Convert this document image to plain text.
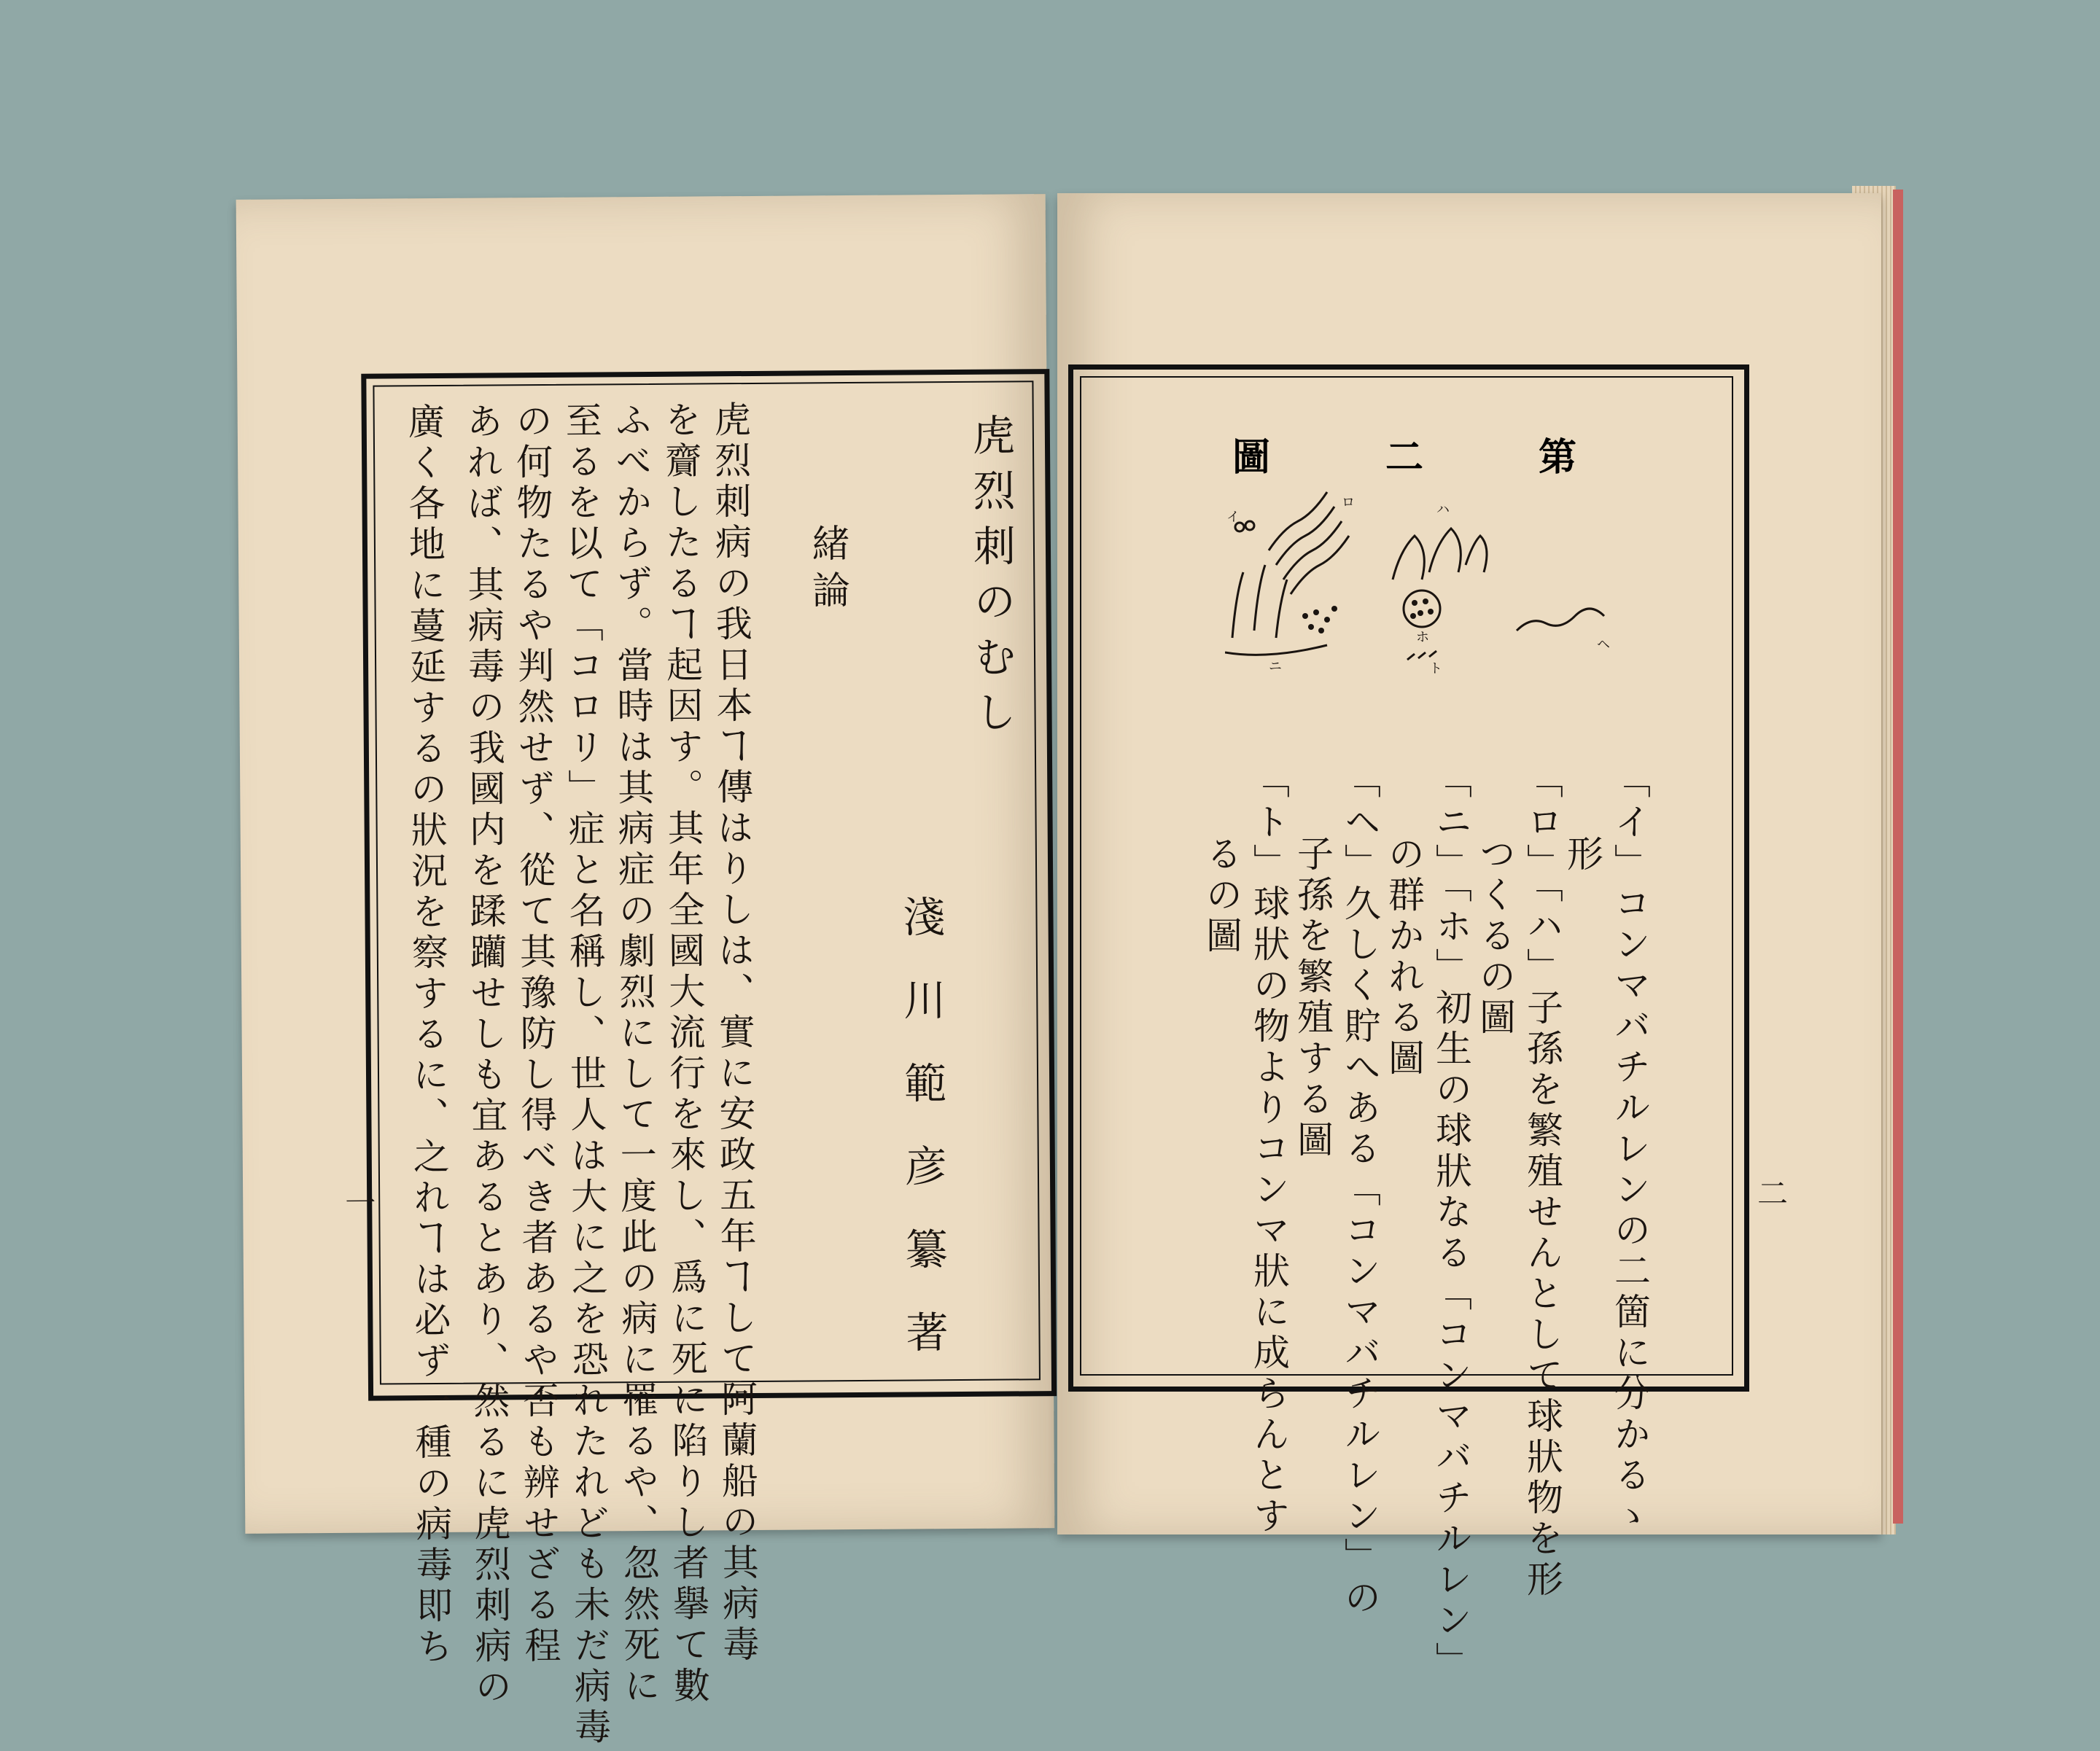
虎烈刺のむし
淺川範彦纂著
緒論
虎烈刺病の我日本ヿ傳はりしは、實に安政五年ヿして阿蘭船の其病毒
を齎したるヿ起因す。其年全國大流行を來し、爲に死に陷りし者擧て數
ふべからず。當時は其病症の劇烈にして一度此の病に罹るや、忽然死に
至るを以て「コロリ」症と名稱し、世人は大に之を恐れたれども未だ病毒
の何物たるや判然せず、從て其豫防し得べき者あるや否も辨せざる程
あれば、其病毒の我國内を蹂躪せしも宜あるとあり、然るに虎烈刺病の
廣く各地に蔓延するの狀況を察するに、之れヿは必ず一種の病毒即ち
一
第
二
圖
イ
ロ	ハ
ニ
ホ	ヘ
ト
「イ」コンマバチルレンの二箇に分かるゝ
形
「ロ」「ハ」子孫を繁殖せんとして球狀物を形
つくるの圖
「ニ」「ホ」初生の球狀なる「コンマバチルレン」
の群かれる圖
「ヘ」久しく貯へある「コンマバチルレン」の
子孫を繁殖する圖
「ト」球狀の物よりコンマ狀に成らんとす
るの圖
二
